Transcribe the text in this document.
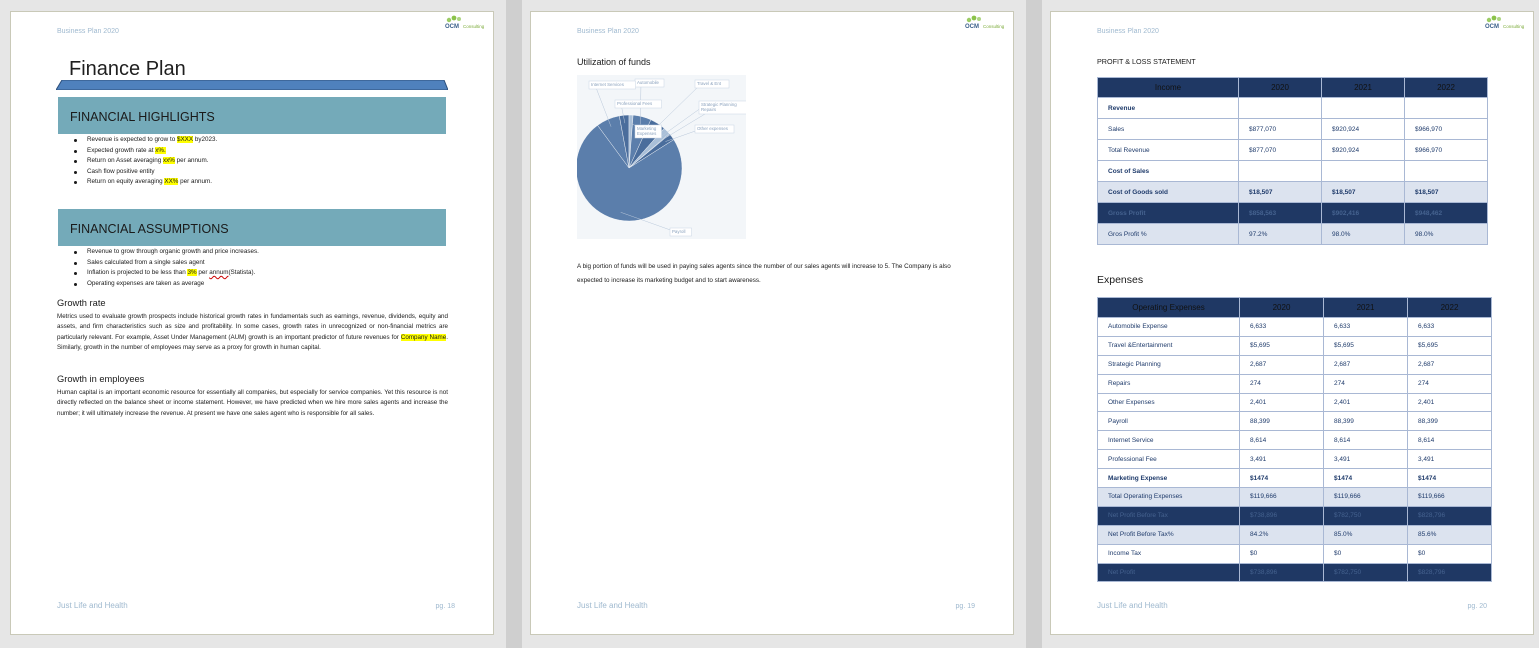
Business Plan 2020
OCM Consulting
Finance Plan
FINANCIAL HIGHLIGHTS
Revenue is expected to grow to $XXX by2023.
Expected growth rate at x%.
Return on Asset averaging xx% per annum.
Cash flow positive entity
Return on equity averaging XX% per annum.
FINANCIAL ASSUMPTIONS
Revenue to grow through organic growth and price increases.
Sales calculated from a single sales agent
Inflation is projected to be less than 3% per annum(Statista).
Operating expenses are taken as average
Growth rate

Metrics used to evaluate growth prospects include historical growth rates in fundamentals such as earnings, revenue, dividends, equity and assets, and firm characteristics such as size and profitability. In some cases, growth rates in unrecognized or non-financial metrics are particularly relevant. For example, Asset Under Management (AUM) growth is an important predictor of future revenues for Company Name. Similarly, growth in the number of employees may serve as a proxy for growth in human capital.

Growth in employees

Human capital is an important economic resource for essentially all companies, but especially for service companies. Yet this resource is not directly reflected on the balance sheet or income statement. However, we have predicted when we hire more sales agents and increase the number; it will ultimately increase the revenue. At present we have one sales agent who is responsible for all sales.

Just Life and Health	pg. 18
Business Plan 2020
OCM Consulting
Utilization of funds
Automobile	Travel & Ent
Strategic Planning
Repairs
Other expenses
Payroll
Internet Services
Professional Fees
Marketing
Expenses

A big portion of funds will be used in paying sales agents since the number of our sales agents will increase to 5. The Company is also expected to increase its marketing budget and to start awareness.

Just Life and Health	pg. 19
Business Plan 2020
OCM Consulting
PROFIT & LOSS STATEMENT
Income	2020	2021	2022
Revenue			
Sales	$877,070	$920,924	$966,970
Total Revenue	$877,070	$920,924	$966,970
Cost of Sales			
Cost of Goods sold	$18,507	$18,507	$18,507
Gross Profit	$858,563	$902,416	$948,462
Gros Profit %	97.2%	98.0%	98.0%
Expenses
Operating Expenses	2020	2021	2022
Automobile Expense	6,633	6,633	6,633
Travel &Entertainment	$5,695	$5,695	$5,695
Strategic Planning	2,687	2,687	2,687
Repairs	274	274	274
Other Expenses	2,401	2,401	2,401
Payroll	88,399	88,399	88,399
Internet Service	8,614	8,614	8,614
Professional Fee	3,491	3,491	3,491
Marketing Expense	$1474	$1474	$1474
Total Operating Expenses	$119,666	$119,666	$119,666
Net Profit Before Tax	$738,896	$782,750	$828,796
Net Profit Before Tax%	84.2%	85.0%	85.6%
Income Tax	$0	$0	$0
Net Profit	$738,896	$782,750	$828,796
Just Life and Health	pg. 20
